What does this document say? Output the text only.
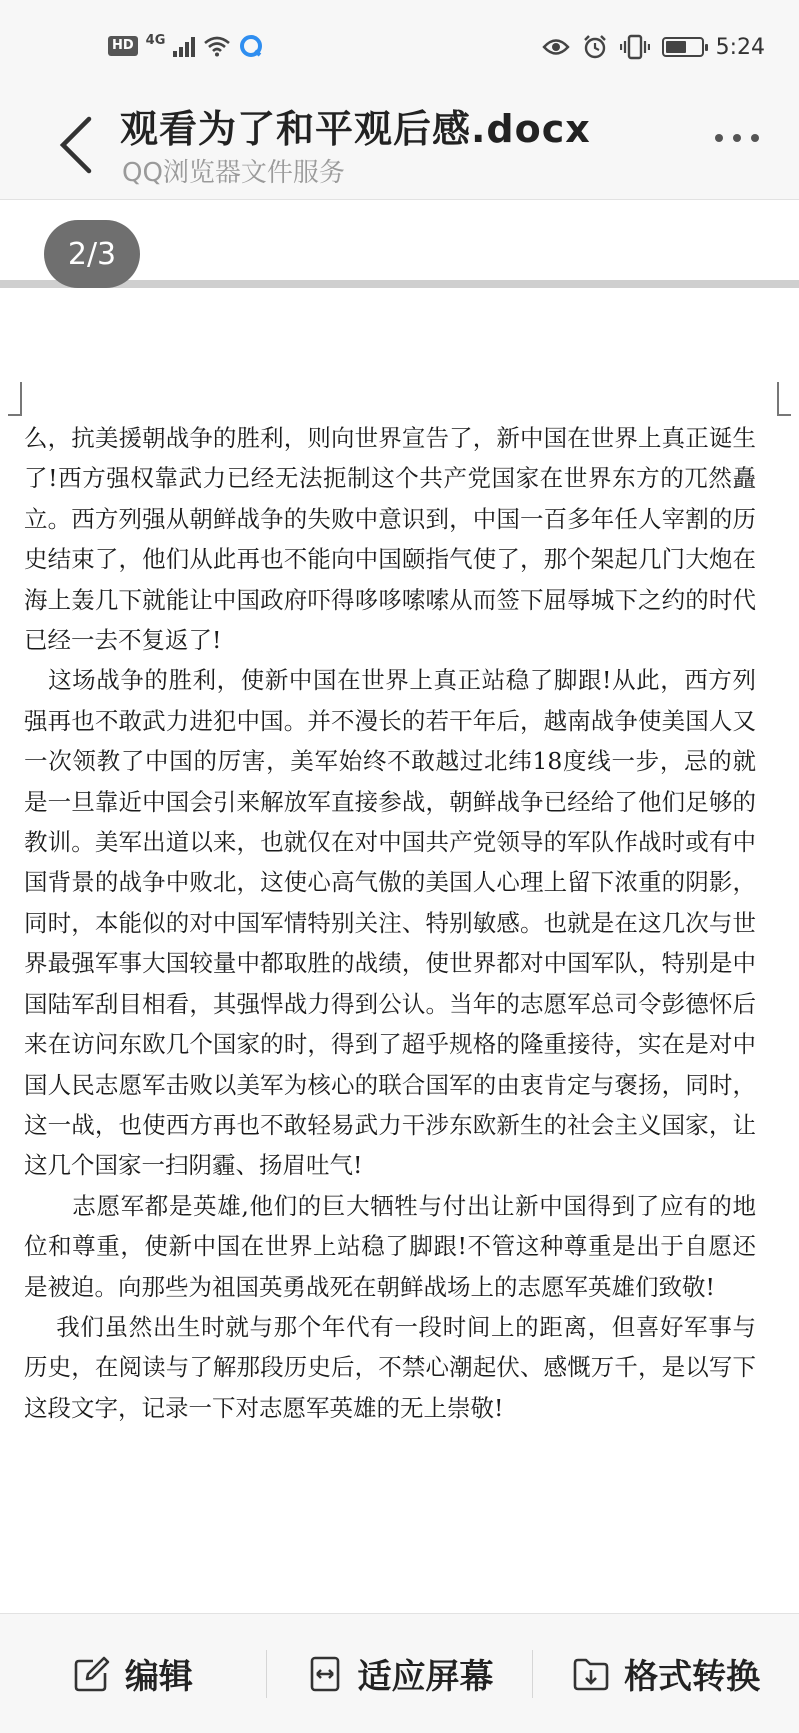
HD 4G	5:24
观看为了和平观后感.docx
QQ浏览器文件服务
2/3

么，抗美援朝战争的胜利，则向世界宣告了，新中国在世界上真正诞生了!西方强权靠武力已经无法扼制这个共产党国家在世界东方的兀然矗立。西方列强从朝鲜战争的失败中意识到，中国一百多年任人宰割的历史结束了，他们从此再也不能向中国颐指气使了，那个架起几门大炮在海上轰几下就能让中国政府吓得哆哆嗦嗦从而签下屈辱城下之约的时代已经一去不复返了!

　这场战争的胜利，使新中国在世界上真正站稳了脚跟!从此，西方列强再也不敢武力进犯中国。并不漫长的若干年后，越南战争使美国人又一次领教了中国的厉害，美军始终不敢越过北纬18度线一步，忌的就是一旦靠近中国会引来解放军直接参战，朝鲜战争已经给了他们足够的教训。美军出道以来，也就仅在对中国共产党领导的军队作战时或有中国背景的战争中败北，这使心高气傲的美国人心理上留下浓重的阴影，同时，本能似的对中国军情特别关注、特别敏感。也就是在这几次与世界最强军事大国较量中都取胜的战绩，使世界都对中国军队，特别是中国陆军刮目相看，其强悍战力得到公认。当年的志愿军总司令彭德怀后来在访问东欧几个国家的时，得到了超乎规格的隆重接待，实在是对中国人民志愿军击败以美军为核心的联合国军的由衷肯定与褒扬，同时，这一战，也使西方再也不敢轻易武力干涉东欧新生的社会主义国家，让这几个国家一扫阴霾、扬眉吐气!

　　志愿军都是英雄,他们的巨大牺牲与付出让新中国得到了应有的地位和尊重，使新中国在世界上站稳了脚跟!不管这种尊重是出于自愿还是被迫。向那些为祖国英勇战死在朝鲜战场上的志愿军英雄们致敬!

　 我们虽然出生时就与那个年代有一段时间上的距离，但喜好军事与历史，在阅读与了解那段历史后，不禁心潮起伏、感慨万千，是以写下这段文字，记录一下对志愿军英雄的无上崇敬!

编辑	适应屏幕	格式转换
